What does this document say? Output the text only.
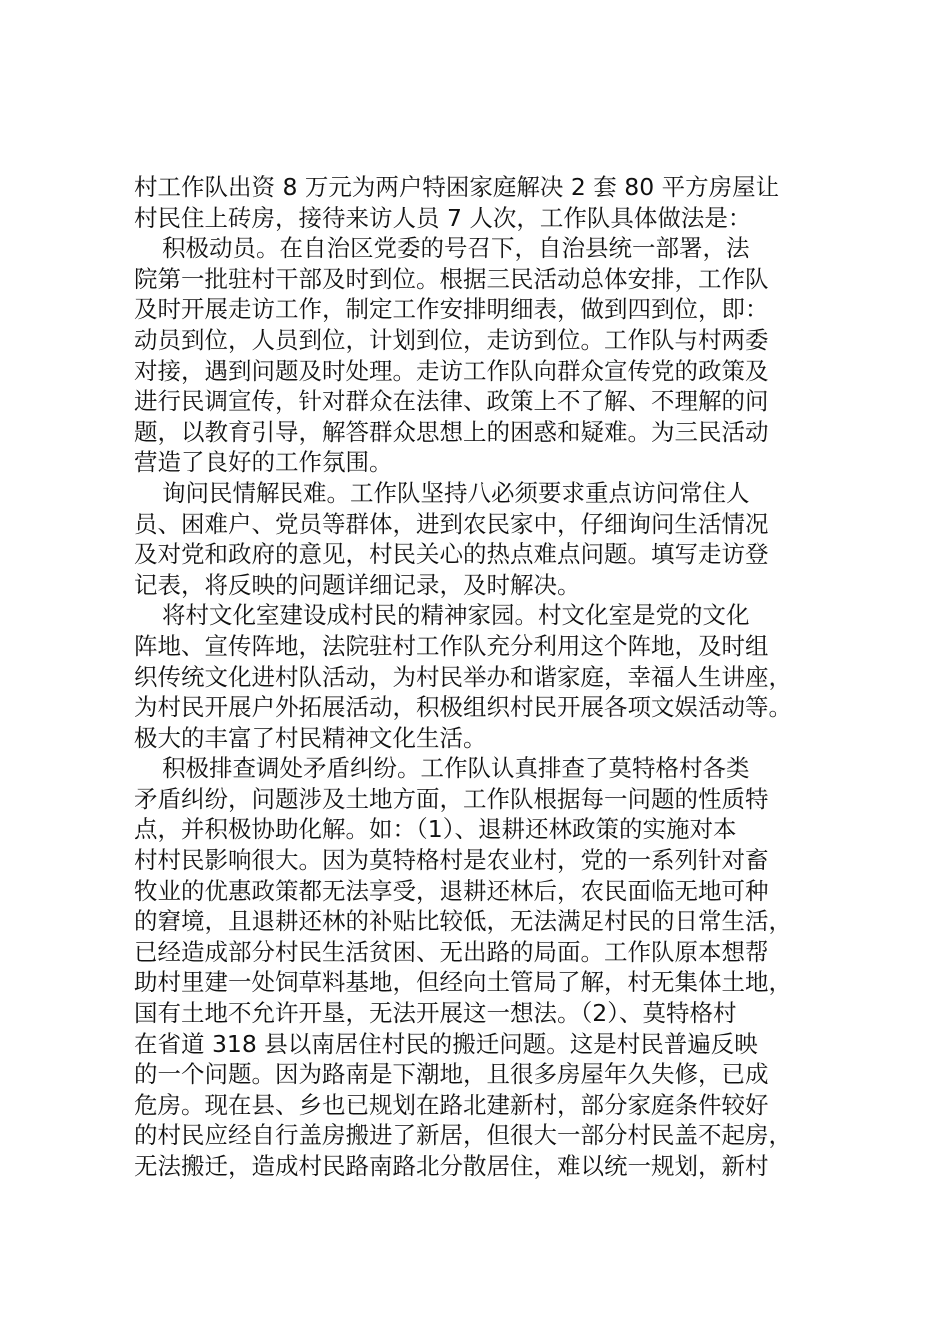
村工作队出资 8 万元为两户特困家庭解决 2 套 80 平方房屋让
村民住上砖房，接待来访人员 7 人次，工作队具体做法是：
积极动员。在自治区党委的号召下，自治县统一部署，法
院第一批驻村干部及时到位。根据三民活动总体安排，工作队
及时开展走访工作，制定工作安排明细表，做到四到位，即：
动员到位，人员到位，计划到位，走访到位。工作队与村两委
对接，遇到问题及时处理。走访工作队向群众宣传党的政策及
进行民调宣传，针对群众在法律、政策上不了解、不理解的问
题，以教育引导，解答群众思想上的困惑和疑难。为三民活动
营造了良好的工作氛围。
询问民情解民难。工作队坚持八必须要求重点访问常住人
员、困难户、党员等群体，进到农民家中，仔细询问生活情况
及对党和政府的意见，村民关心的热点难点问题。填写走访登
记表，将反映的问题详细记录，及时解决。
将村文化室建设成村民的精神家园。村文化室是党的文化
阵地、宣传阵地，法院驻村工作队充分利用这个阵地，及时组
织传统文化进村队活动，为村民举办和谐家庭，幸福人生讲座，
为村民开展户外拓展活动，积极组织村民开展各项文娱活动等。
极大的丰富了村民精神文化生活。
积极排查调处矛盾纠纷。工作队认真排查了莫特格村各类
矛盾纠纷，问题涉及土地方面，工作队根据每一问题的性质特
点，并积极协助化解。如：（1）、退耕还林政策的实施对本
村村民影响很大。因为莫特格村是农业村，党的一系列针对畜
牧业的优惠政策都无法享受，退耕还林后，农民面临无地可种
的窘境，且退耕还林的补贴比较低，无法满足村民的日常生活，
已经造成部分村民生活贫困、无出路的局面。工作队原本想帮
助村里建一处饲草料基地，但经向土管局了解，村无集体土地，
国有土地不允许开垦，无法开展这一想法。（2）、莫特格村
在省道 318 县以南居住村民的搬迁问题。这是村民普遍反映
的一个问题。因为路南是下潮地，且很多房屋年久失修，已成
危房。现在县、乡也已规划在路北建新村，部分家庭条件较好
的村民应经自行盖房搬进了新居，但很大一部分村民盖不起房，
无法搬迁，造成村民路南路北分散居住，难以统一规划，新村
